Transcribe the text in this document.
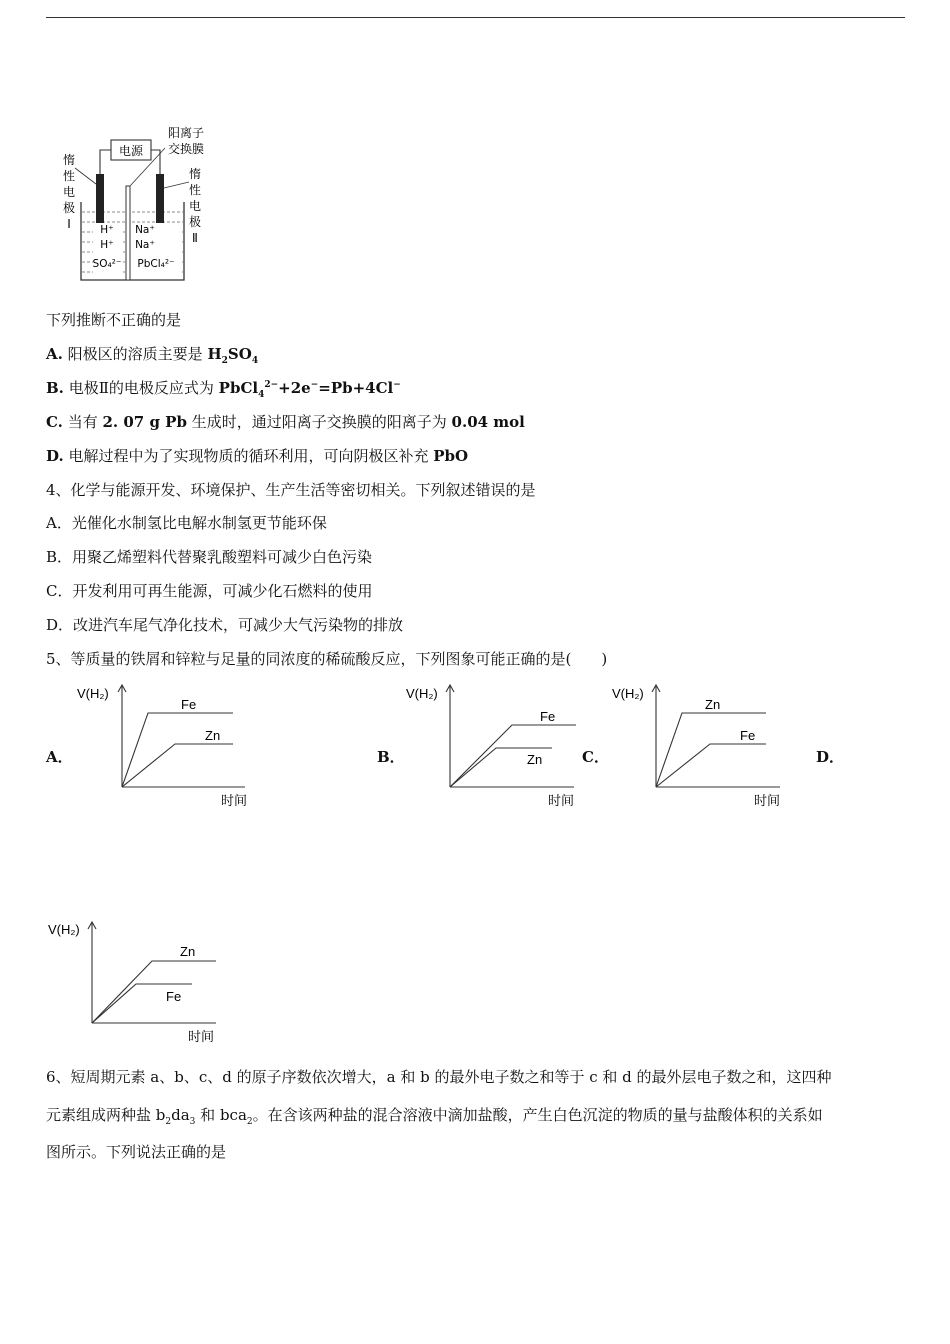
电源
阳离子
交换膜
惰
性
电
极
Ⅰ
惰
性
电
极
Ⅱ
H⁺
H⁺
SO₄²⁻
Na⁺
Na⁺
PbCl₄²⁻
下列推断不正确的是
A. 阳极区的溶质主要是 $H_2SO_4$
B. 电极Ⅱ的电极反应式为 PbCl$_4^{2-}$+2e−=Pb+4Cl−
C. 当有 2. 07 g Pb 生成时，通过阳离子交换膜的阳离子为 0.04 mol
D. 电解过程中为了实现物质的循环利用，可向阴极区补充 PbO
4、化学与能源开发、环境保护、生产生活等密切相关。下列叙述错误的是
A．光催化水制氢比电解水制氢更节能环保
B．用聚乙烯塑料代替聚乳酸塑料可减少白色污染
C．开发利用可再生能源，可减少化石燃料的使用
D．改进汽车尾气净化技术，可减少大气污染物的排放
5、等质量的铁屑和锌粒与足量的同浓度的稀硫酸反应，下列图象可能正确的是(　　)
A．	B．	C．	D．
V(H₂)
时间
Fe
Zn
V(H₂)
时间
Fe
Zn
V(H₂)
时间
Zn
Fe
V(H₂)
时间
Zn
Fe
6、短周期元素 a、b、c、d 的原子序数依次增大，a 和 b 的最外电子数之和等于 c 和 d 的最外层电子数之和，这四种
元素组成两种盐 $b_2da_3$ 和 bca$_2$。在含该两种盐的混合溶液中滴加盐酸，产生白色沉淀的物质的量与盐酸体积的关系如
图所示。下列说法正确的是
